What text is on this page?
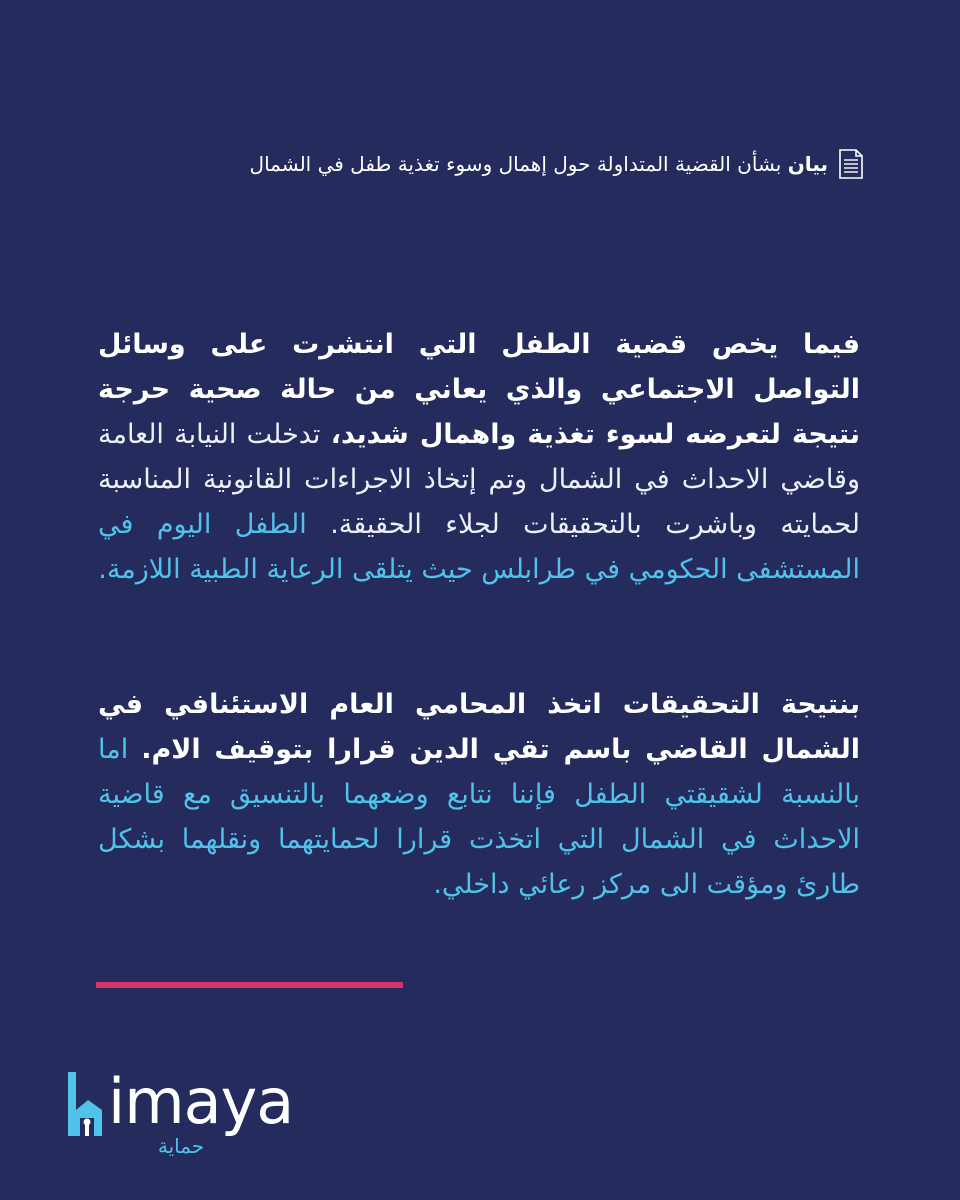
بيان بشأن القضية المتداولة حول إهمال وسوء تغذية طفل في الشمال

فيما يخص قضية الطفل التي انتشرت على وسائل التواصل الاجتماعي والذي يعاني من حالة صحية حرجة نتيجة لتعرضه لسوء تغذية واهمال شديد، تدخلت النيابة العامة وقاضي الاحداث في الشمال وتم إتخاذ الاجراءات القانونية المناسبة لحمايته وباشرت بالتحقيقات لجلاء الحقيقة. الطفل اليوم في المستشفى الحكومي في طرابلس حيث يتلقى الرعاية الطبية اللازمة.

بنتيجة التحقيقات اتخذ المحامي العام الاستئنافي في الشمال القاضي باسم تقي الدين قرارا بتوقيف الام. اما بالنسبة لشقيقتي الطفل فإننا نتابع وضعهما بالتنسيق مع قاضية الاحداث في الشمال التي اتخذت قرارا لحمايتهما ونقلهما بشكل طارئ ومؤقت الى مركز رعائي داخلي.

imaya
حماية
